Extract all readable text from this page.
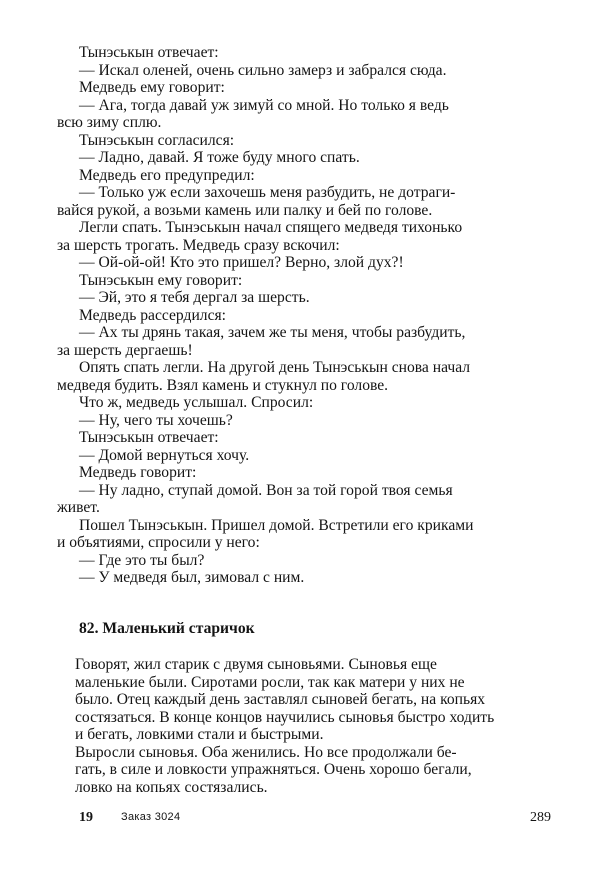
Тынэськын отвечает:
— Искал оленей, очень сильно замерз и забрался сюда.
Медведь ему говорит:
— Ага, тогда давай уж зимуй со мной. Но только я ведь
всю зиму сплю.
Тынэськын согласился:
— Ладно, давай. Я тоже буду много спать.
Медведь его предупредил:
— Только уж если захочешь меня разбудить, не дотраги-
вайся рукой, а возьми камень или палку и бей по голове.
Легли спать. Тынэськын начал спящего медведя тихонько
за шерсть трогать. Медведь сразу вскочил:
— Ой-ой-ой! Кто это пришел? Верно, злой дух?!
Тынэськын ему говорит:
— Эй, это я тебя дергал за шерсть.
Медведь рассердился:
— Ах ты дрянь такая, зачем же ты меня, чтобы разбудить,
за шерсть дергаешь!
Опять спать легли. На другой день Тынэськын снова начал
медведя будить. Взял камень и стукнул по голове.
Что ж, медведь услышал. Спросил:
— Ну, чего ты хочешь?
Тынэськын отвечает:
— Домой вернуться хочу.
Медведь говорит:
— Ну ладно, ступай домой. Вон за той горой твоя семья
живет.
Пошел Тынэськын. Пришел домой. Встретили его криками
и объятиями, спросили у него:
— Где это ты был?
— У медведя был, зимовал с ним.
82. Маленький старичок
Говорят, жил старик с двумя сыновьями. Сыновья еще
маленькие были. Сиротами росли, так как матери у них не
было. Отец каждый день заставлял сыновей бегать, на копьях
состязаться. В конце концов научились сыновья быстро ходить
и бегать, ловкими стали и быстрыми.
Выросли сыновья. Оба женились. Но все продолжали бе-
гать, в силе и ловкости упражняться. Очень хорошо бегали,
ловко на копьях состязались.
19	Заказ 3024	289
